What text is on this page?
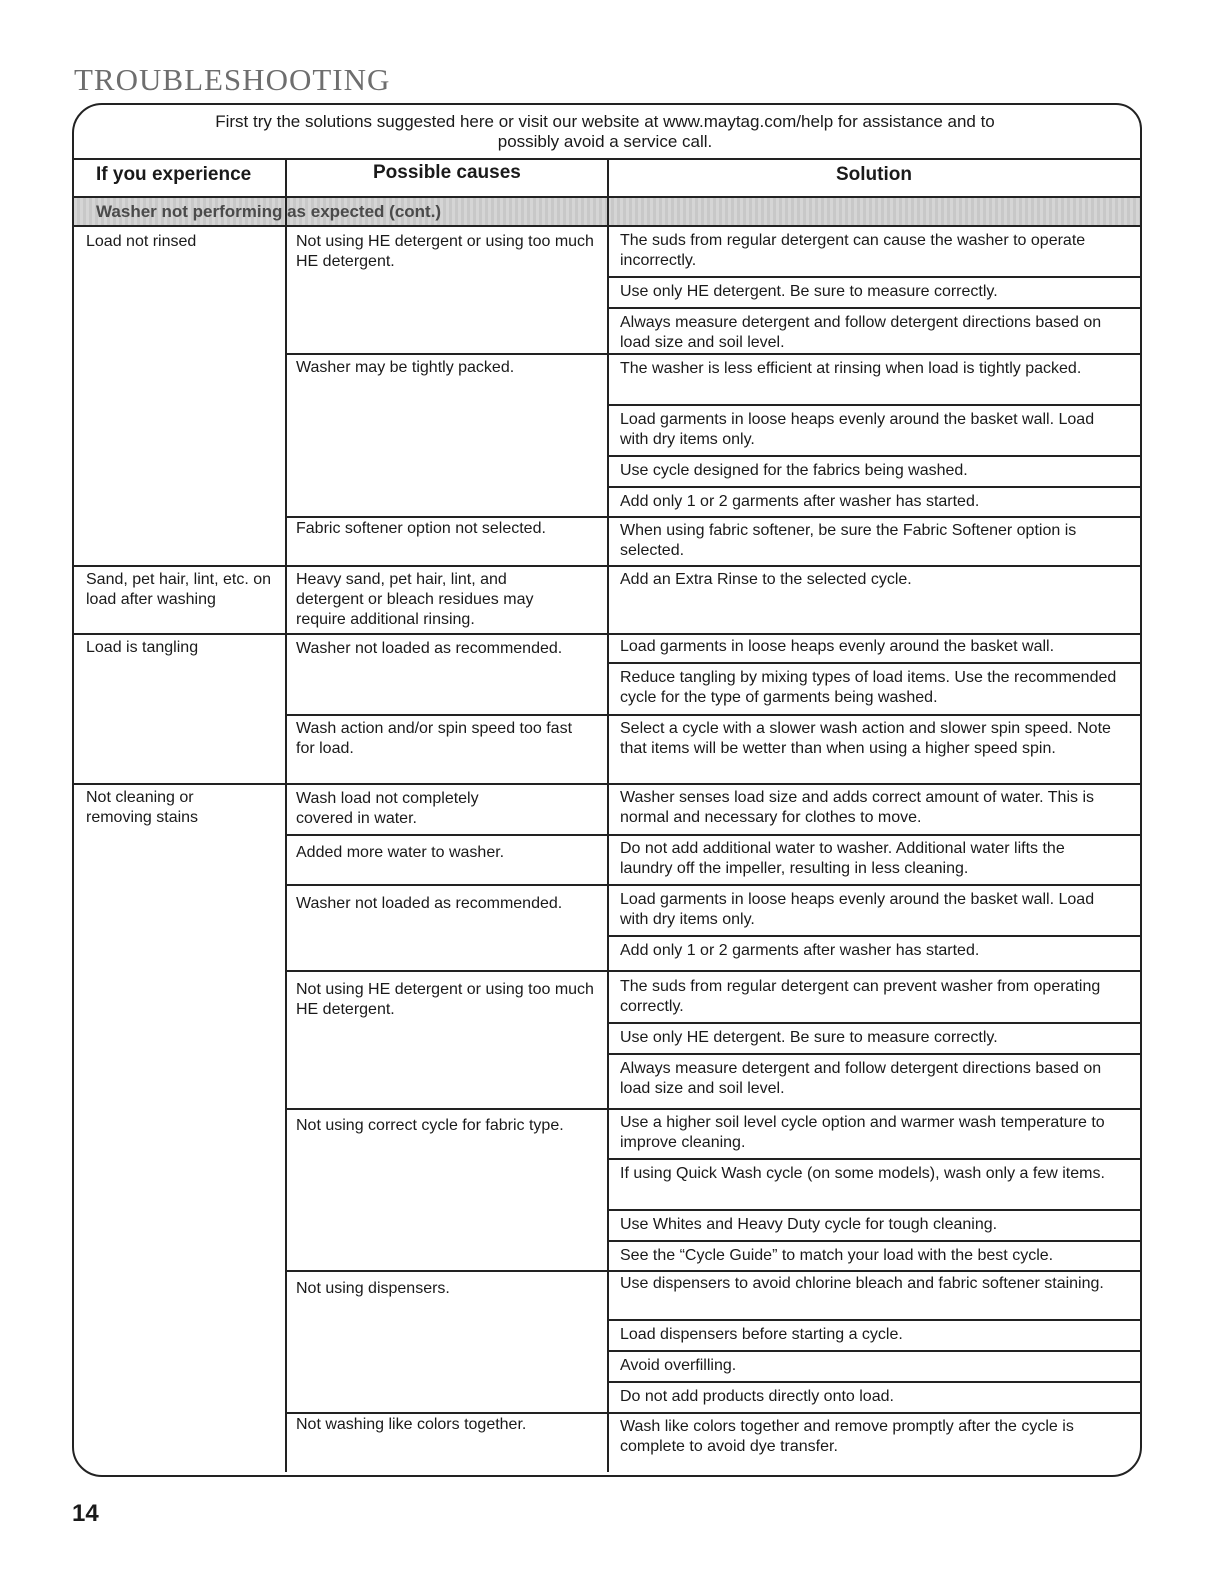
TROUBLESHOOTING
First try the solutions suggested here or visit our website at www.maytag.com/help for assistance and to possibly avoid a service call.
If you experience	Possible causes	Solution
Washer not performing as expected (cont.)
Load not rinsed
Sand, pet hair, lint, etc. on load after washing
Load is tangling
Not cleaning or removing stains
Not using HE detergent or using too much HE detergent.
Washer may be tightly packed.
Fabric softener option not selected.
Heavy sand, pet hair, lint, and detergent or bleach residues may require additional rinsing.
Washer not loaded as recommended.
Wash action and/or spin speed too fast for load.
Wash load not completely covered in water.
Added more water to washer.
Washer not loaded as recommended.
Not using HE detergent or using too much HE detergent.
Not using correct cycle for fabric type.
Not using dispensers.
Not washing like colors together.
The suds from regular detergent can cause the washer to operate incorrectly.
Use only HE detergent. Be sure to measure correctly.
Always measure detergent and follow detergent directions based on load size and soil level.
The washer is less efficient at rinsing when load is tightly packed.
Load garments in loose heaps evenly around the basket wall. Load with dry items only.
Use cycle designed for the fabrics being washed.
Add only 1 or 2 garments after washer has started.
When using fabric softener, be sure the Fabric Softener option is selected.
Add an Extra Rinse to the selected cycle.
Load garments in loose heaps evenly around the basket wall.
Reduce tangling by mixing types of load items. Use the recommended cycle for the type of garments being washed.
Select a cycle with a slower wash action and slower spin speed. Note that items will be wetter than when using a higher speed spin.
Washer senses load size and adds correct amount of water. This is normal and necessary for clothes to move.
Do not add additional water to washer. Additional water lifts the laundry off the impeller, resulting in less cleaning.
Load garments in loose heaps evenly around the basket wall. Load with dry items only.
Add only 1 or 2 garments after washer has started.
The suds from regular detergent can prevent washer from operating correctly.
Use only HE detergent. Be sure to measure correctly.
Always measure detergent and follow detergent directions based on load size and soil level.
Use a higher soil level cycle option and warmer wash temperature to improve cleaning.
If using Quick Wash cycle (on some models), wash only a few items.
Use Whites and Heavy Duty cycle for tough cleaning.
See the “Cycle Guide” to match your load with the best cycle.
Use dispensers to avoid chlorine bleach and fabric softener staining.
Load dispensers before starting a cycle.
Avoid overfilling.
Do not add products directly onto load.
Wash like colors together and remove promptly after the cycle is complete to avoid dye transfer.
14
